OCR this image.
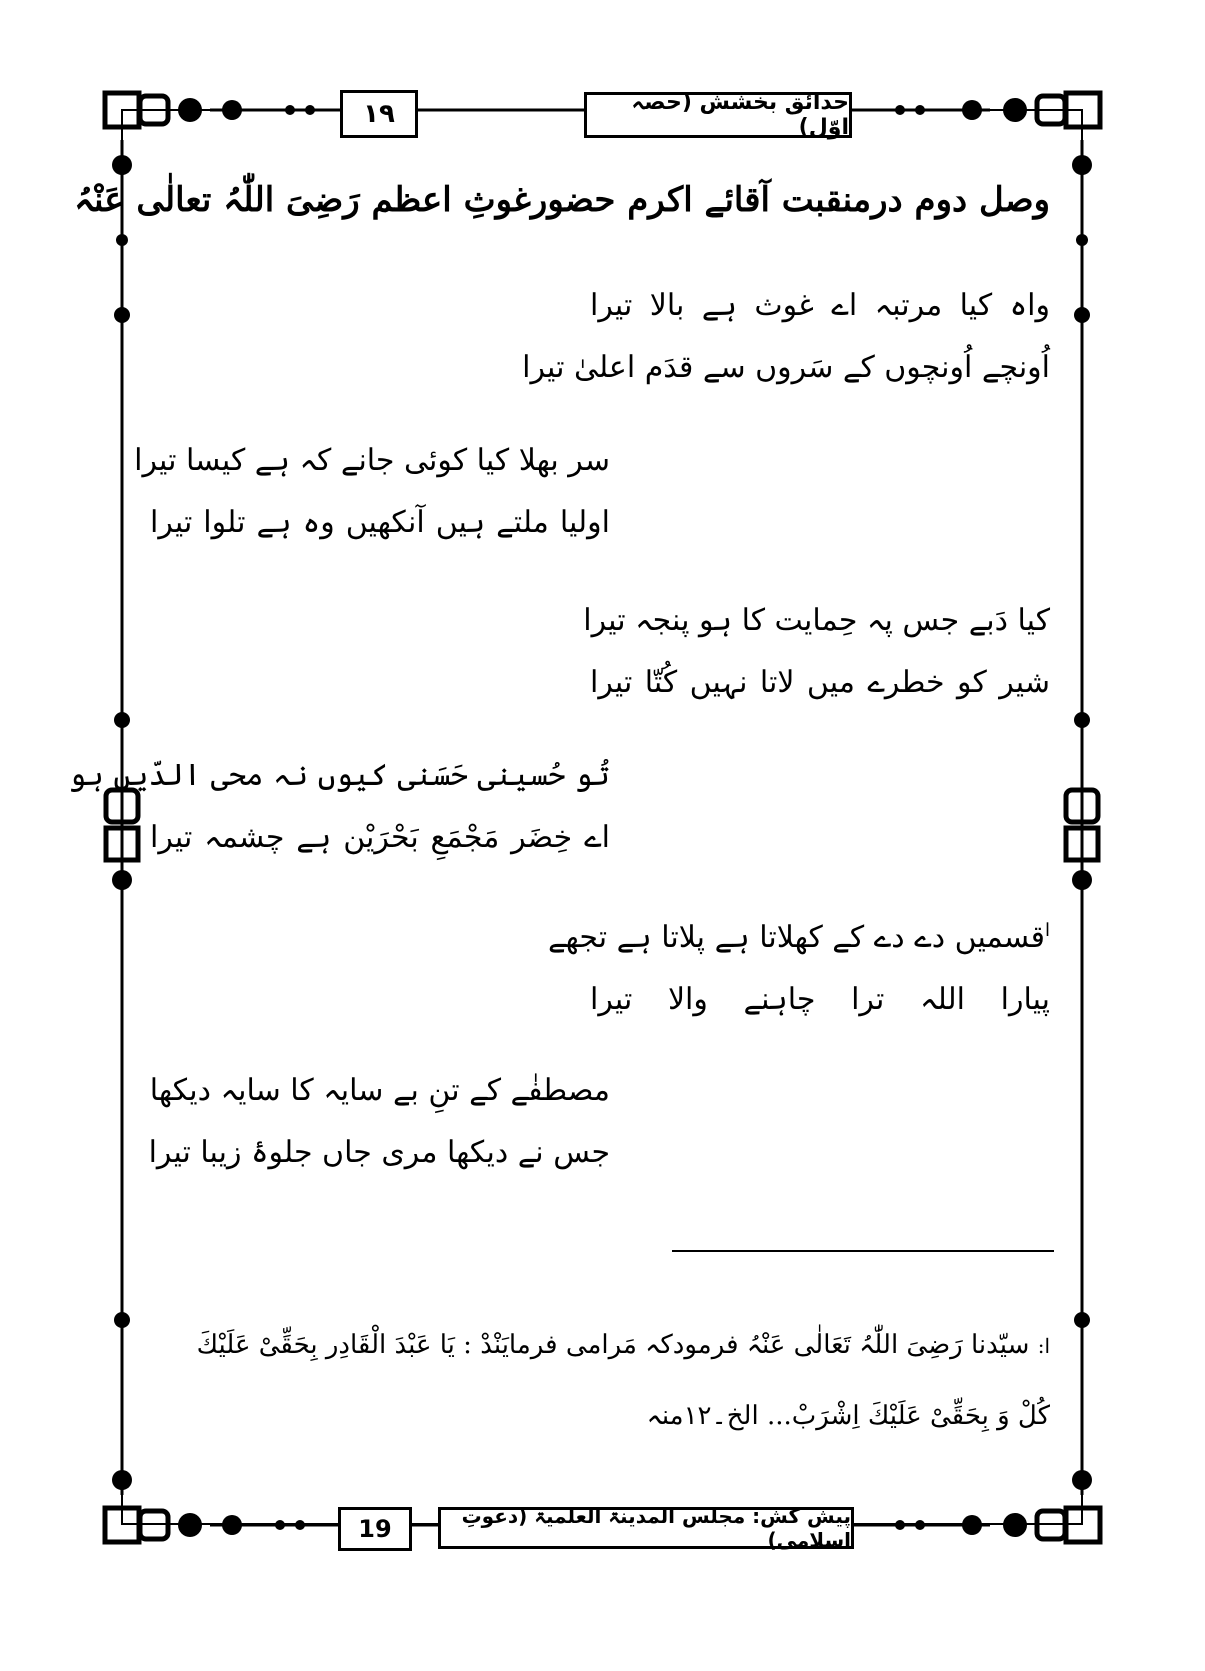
١٩	حدائق بخشش (حصہ اوّل)
وصل دوم درمنقبت آقائے اکرم حضورغوثِ اعظم رَضِیَ اللّٰہُ تعالٰی عَنْہُ
واہ کیا مرتبہ اے غوث ہے بالا تیرا
اُونچے اُونچوں کے سَروں سے قدَم اعلیٰ تیرا
سر بھلا کیا کوئی جانے کہ ہے کیسا تیرا
اولیا ملتے ہیں آنکھیں وہ ہے تلوا تیرا
کیا دَبے جس پہ حِمایت کا ہو پنجہ تیرا
شیر کو خطرے میں لاتا نہیں کُتّا تیرا
تُو حُسینی حَسَنی کیوں نہ محی الدّیں ہو
اے خِضَر مَجْمَعِ بَحْرَیْن ہے چشمہ تیرا
$^ا$قسمیں دے دے کے کھلاتا ہے پلاتا ہے تجھے
پیارا اللہ ترا چاہنے والا تیرا
مصطفٰے کے تنِ بے سایہ کا سایہ دیکھا
جس نے دیکھا مری جاں جلوۂ زیبا تیرا
ا: سیّدنا رَضِیَ اللّٰہُ تَعَالٰی عَنْہُ فرمودکہ مَرامی فرمایَنْدْ : یَا عَبْدَ الْقَادِر بِحَقِّیْ عَلَیْكَ
كُلْ وَ بِحَقِّیْ عَلَیْكَ اِشْرَبْ... الخ۔۱۲منہ
19	پیش کش: مجلس المدینۃ العلمیۃ (دعوتِ اسلامی)
